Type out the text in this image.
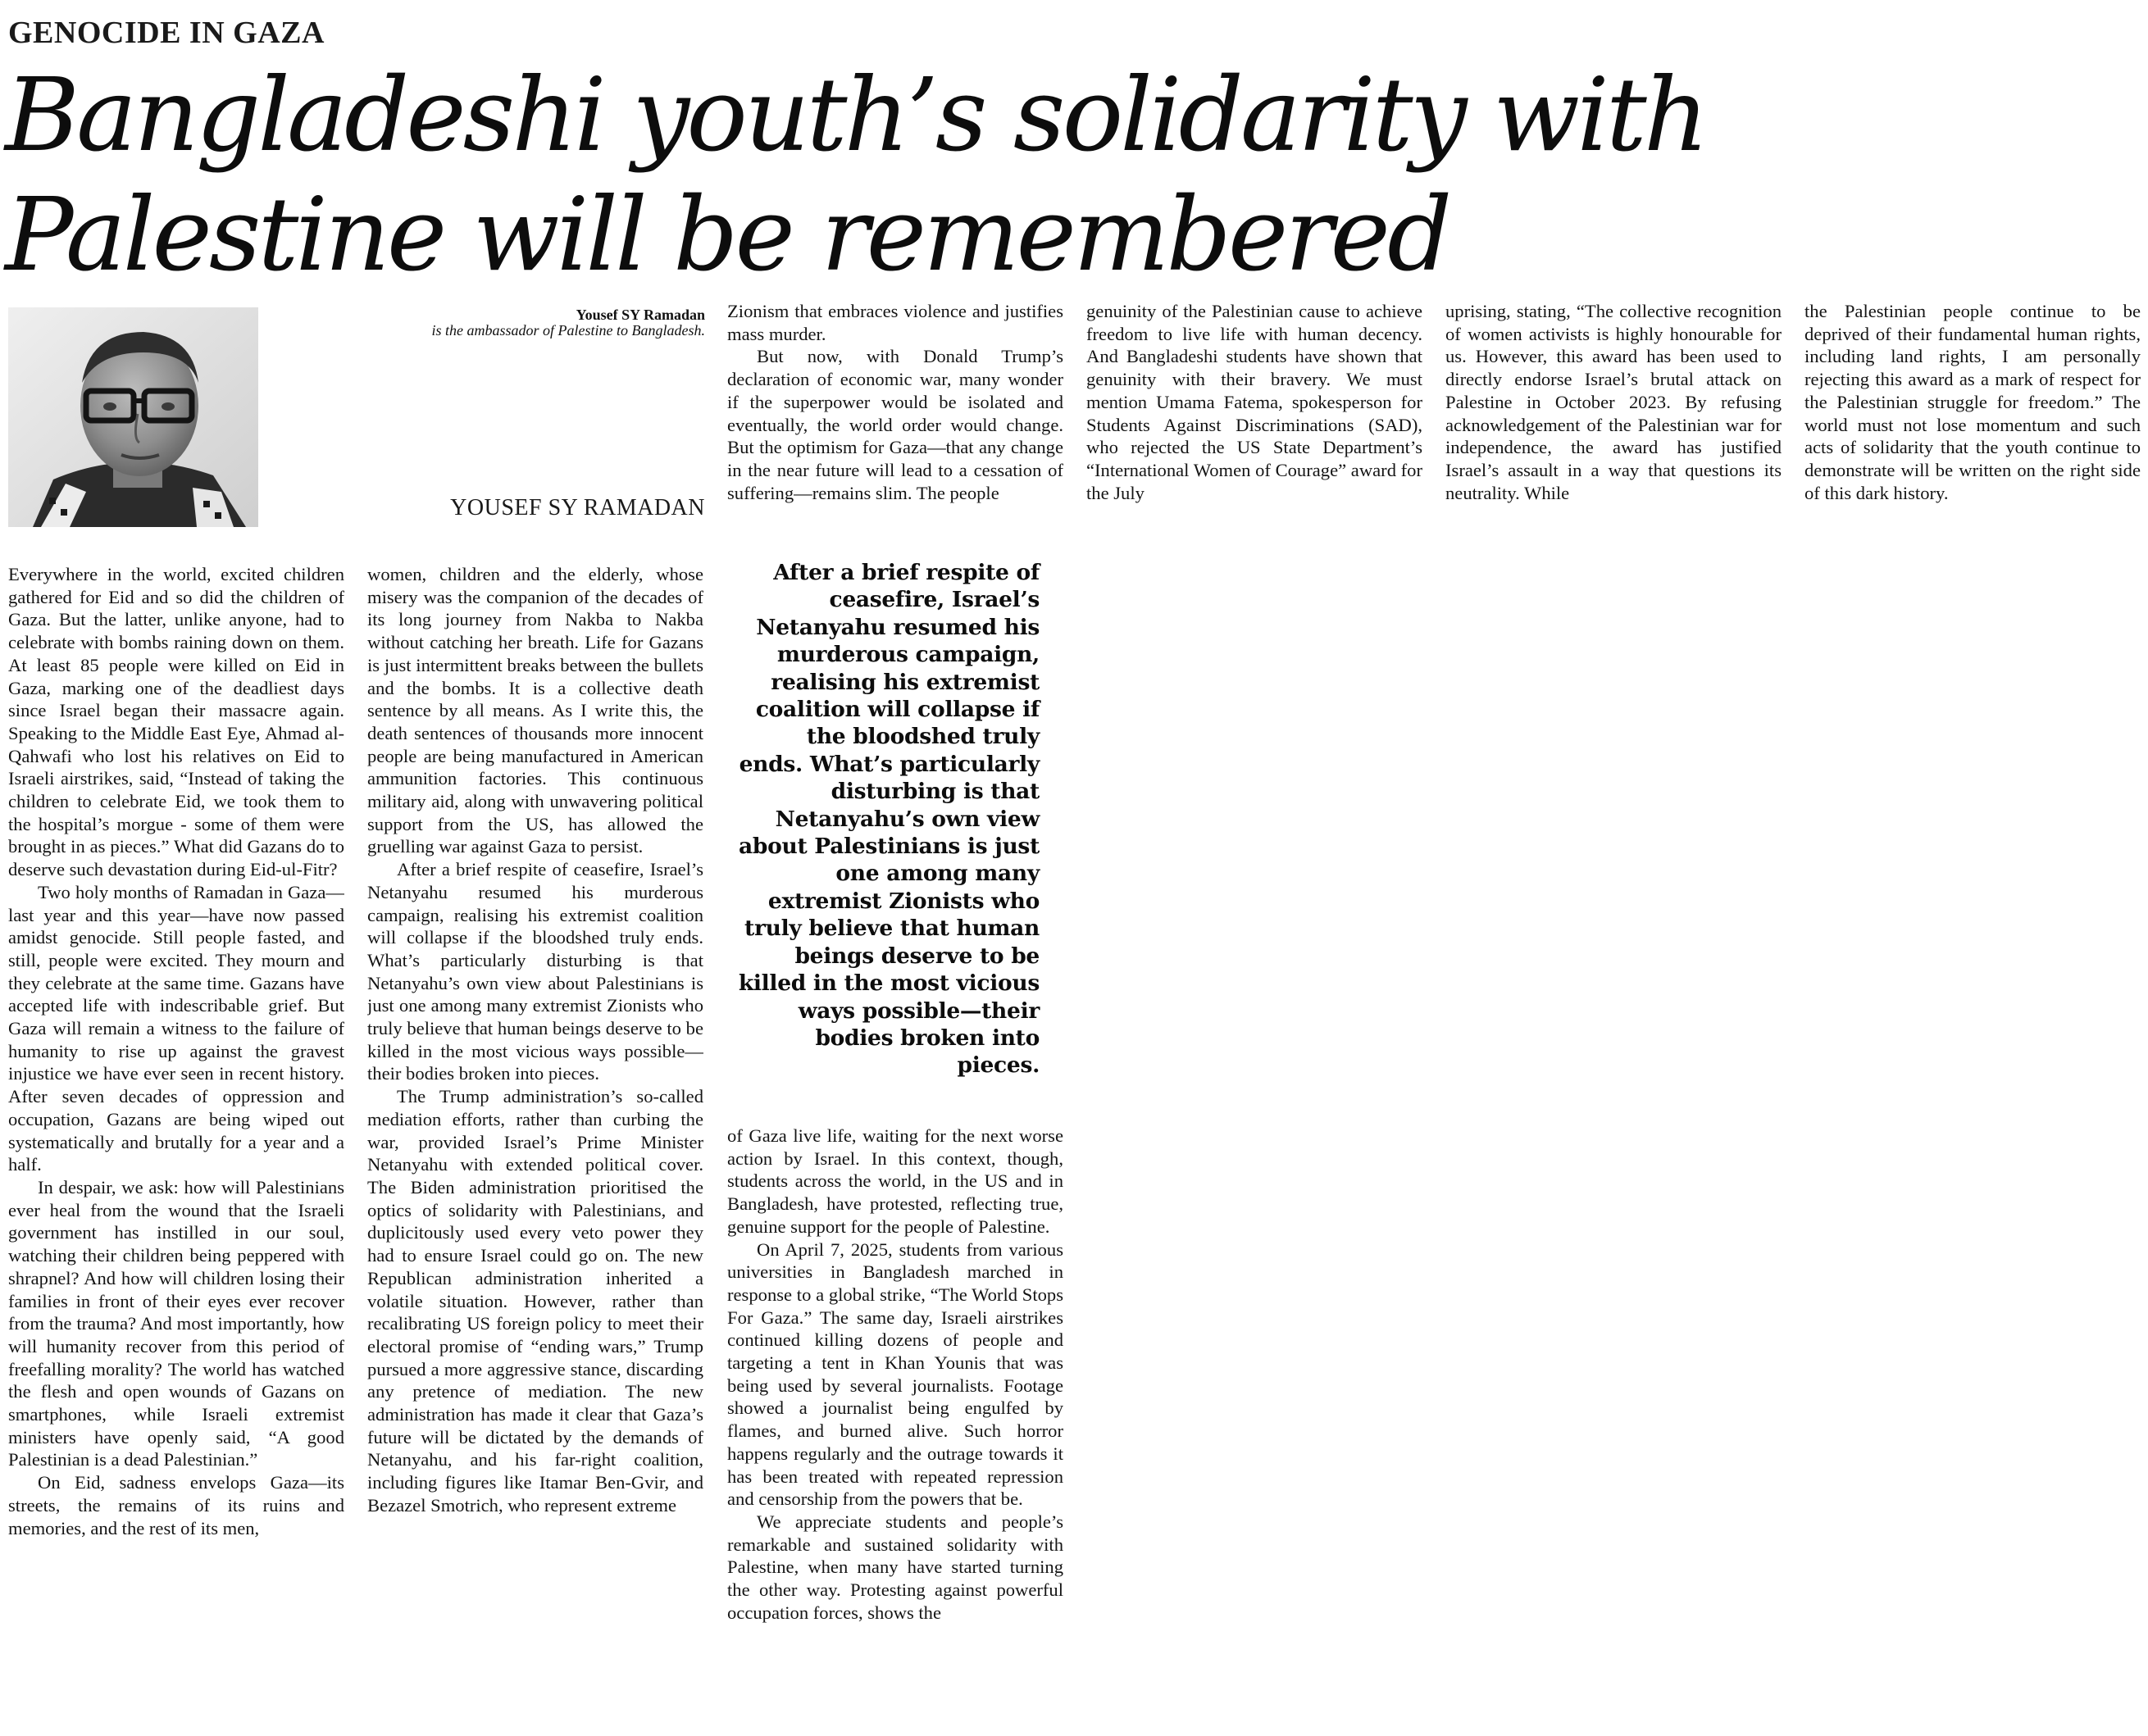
GENOCIDE IN GAZA
Bangladeshi youth’s solidarity with Palestine will be remembered
Yousef SY Ramadan
is the ambassador of Palestine to Bangladesh.
YOUSEF SY RAMADAN

Everywhere in the world, excited children gathered for Eid and so did the children of Gaza. But the latter, unlike anyone, had to celebrate with bombs raining down on them. At least 85 people were killed on Eid in Gaza, marking one of the deadliest days since Israel began their massacre again. Speaking to the Middle East Eye, Ahmad al-Qahwafi who lost his relatives on Eid to Israeli airstrikes, said, “Instead of taking the children to celebrate Eid, we took them to the hospital’s morgue - some of them were brought in as pieces.” What did Gazans do to deserve such devastation during Eid-ul-Fitr?

Two holy months of Ramadan in Gaza—last year and this year—have now passed amidst genocide. Still people fasted, and still, people were excited. They mourn and they celebrate at the same time. Gazans have accepted life with indescribable grief. But Gaza will remain a witness to the failure of humanity to rise up against the gravest injustice we have ever seen in recent history. After seven decades of oppression and occupation, Gazans are being wiped out systematically and brutally for a year and a half.

In despair, we ask: how will Palestinians ever heal from the wound that the Israeli government has instilled in our soul, watching their children being peppered with shrapnel? And how will children losing their families in front of their eyes ever recover from the trauma? And most importantly, how will humanity recover from this period of freefalling morality? The world has watched the flesh and open wounds of Gazans on smartphones, while Israeli extremist ministers have openly said, “A good Palestinian is a dead Palestinian.”

On Eid, sadness envelops Gaza—its streets, the remains of its ruins and memories, and the rest of its men,

women, children and the elderly, whose misery was the companion of the decades of its long journey from Nakba to Nakba without catching her breath. Life for Gazans is just intermittent breaks between the bullets and the bombs. It is a collective death sentence by all means. As I write this, the death sentences of thousands more innocent people are being manufactured in American ammunition factories. This continuous military aid, along with unwavering political support from the US, has allowed the gruelling war against Gaza to persist.

After a brief respite of ceasefire, Israel’s Netanyahu resumed his murderous campaign, realising his extremist coalition will collapse if the bloodshed truly ends. What’s particularly disturbing is that Netanyahu’s own view about Palestinians is just one among many extremist Zionists who truly believe that human beings deserve to be killed in the most vicious ways possible—their bodies broken into pieces.

The Trump administration’s so-called mediation efforts, rather than curbing the war, provided Israel’s Prime Minister Netanyahu with extended political cover. The Biden administration prioritised the optics of solidarity with Palestinians, and duplicitously used every veto power they had to ensure Israel could go on. The new Republican administration inherited a volatile situation. However, rather than recalibrating US foreign policy to meet their electoral promise of “ending wars,” Trump pursued a more aggressive stance, discarding any pretence of mediation. The new administration has made it clear that Gaza’s future will be dictated by the demands of Netanyahu, and his far-right coalition, including figures like Itamar Ben-Gvir, and Bezazel Smotrich, who represent extreme

Zionism that embraces violence and justifies mass murder.

But now, with Donald Trump’s declaration of economic war, many wonder if the superpower would be isolated and eventually, the world order would change. But the optimism for Gaza—that any change in the near future will lead to a cessation of suffering—remains slim. The people

After a brief respite of ceasefire, Israel’s Netanyahu resumed his murderous campaign, realising his extremist coalition will collapse if the bloodshed truly ends. What’s particularly disturbing is that Netanyahu’s own view about Palestinians is just one among many extremist Zionists who truly believe that human beings deserve to be killed in the most vicious ways possible—their bodies broken into pieces.

of Gaza live life, waiting for the next worse action by Israel. In this context, though, students across the world, in the US and in Bangladesh, have protested, reflecting true, genuine support for the people of Palestine.

On April 7, 2025, students from various universities in Bangladesh marched in response to a global strike, “The World Stops For Gaza.” The same day, Israeli airstrikes continued killing dozens of people and targeting a tent in Khan Younis that was being used by several journalists. Footage showed a journalist being engulfed by flames, and burned alive. Such horror happens regularly and the outrage towards it has been treated with repeated repression and censorship from the powers that be.

We appreciate students and people’s remarkable and sustained solidarity with Palestine, when many have started turning the other way. Protesting against powerful occupation forces, shows the

genuinity of the Palestinian cause to achieve freedom to live life with human decency. And Bangladeshi students have shown that genuinity with their bravery. We must mention Umama Fatema, spokesperson for Students Against Discriminations (SAD), who rejected the US State Department’s “International Women of Courage” award for the July

uprising, stating, “The collective recognition of women activists is highly honourable for us. However, this award has been used to directly endorse Israel’s brutal attack on Palestine in October 2023. By refusing acknowledgement of the Palestinian war for independence, the award has justified Israel’s assault in a way that questions its neutrality. While

the Palestinian people continue to be deprived of their fundamental human rights, including land rights, I am personally rejecting this award as a mark of respect for the Palestinian struggle for freedom.” The world must not lose momentum and such acts of solidarity that the youth continue to demonstrate will be written on the right side of this dark history.
